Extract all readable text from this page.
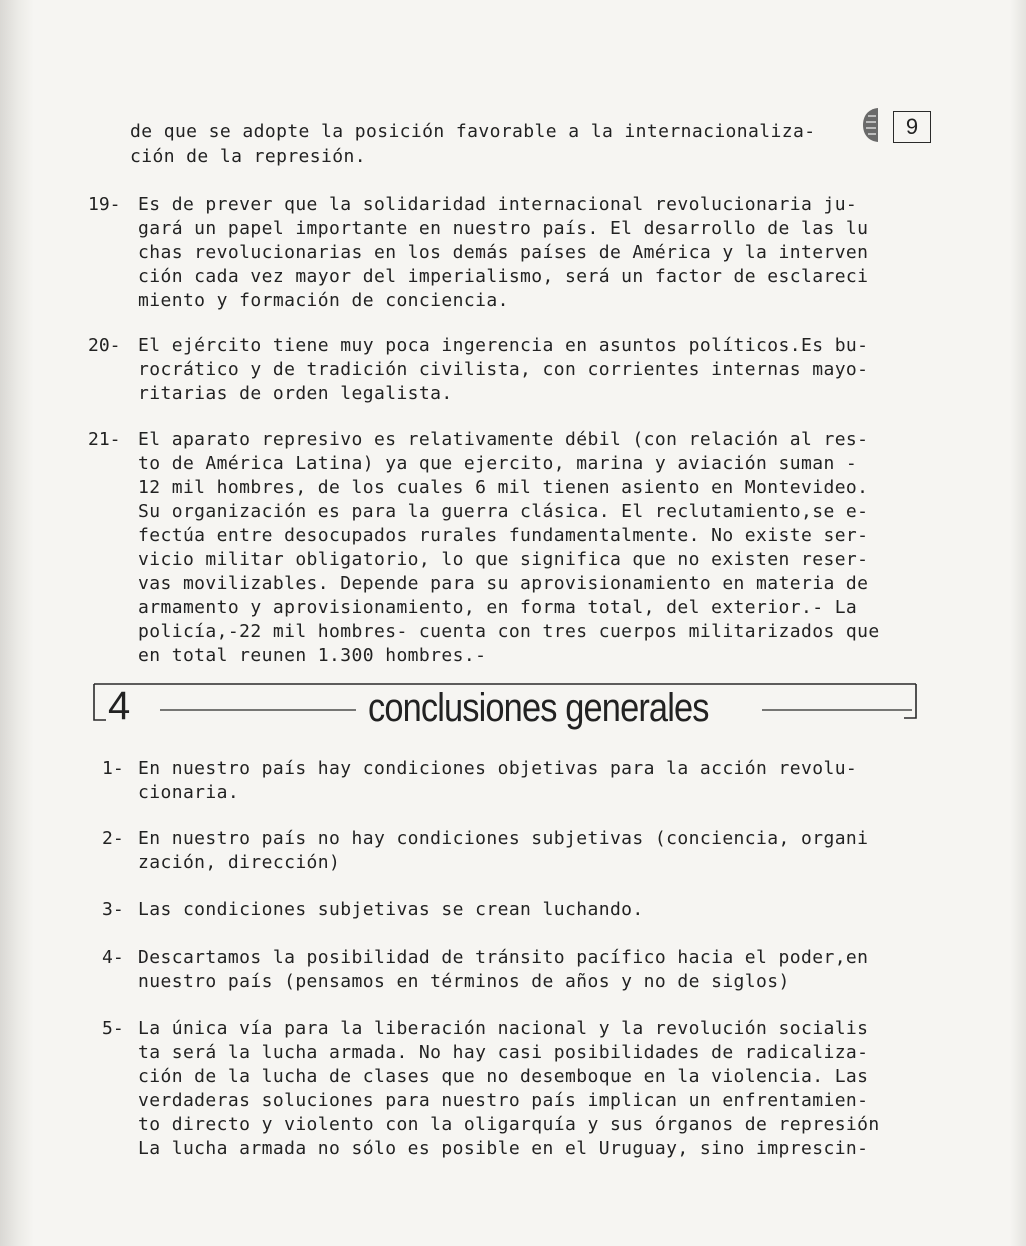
9
de que se adopte la posición favorable a la internacionaliza-
ción de la represión.
19- Es de prever que la solidaridad internacional revolucionaria ju-
gará un papel importante en nuestro país. El desarrollo de las lu
chas revolucionarias en los demás países de América y la interven
ción cada vez mayor del imperialismo, será un factor de esclareci
miento y formación de conciencia.
20- El ejército tiene muy poca ingerencia en asuntos políticos.Es bu-
rocrático y de tradición civilista, con corrientes internas mayo-
ritarias de orden legalista.
21- El aparato represivo es relativamente débil (con relación al res-
to de América Latina) ya que ejercito, marina y aviación suman -
12 mil hombres, de los cuales 6 mil tienen asiento en Montevideo.
Su organización es para la guerra clásica. El reclutamiento,se e-
fectúa entre desocupados rurales fundamentalmente. No existe ser-
vicio militar obligatorio, lo que significa que no existen reser-
vas movilizables. Depende para su aprovisionamiento en materia de
armamento y aprovisionamiento, en forma total, del exterior.- La
policía,-22 mil hombres- cuenta con tres cuerpos militarizados que
en total reunen 1.300 hombres.-
1- En nuestro país hay condiciones objetivas para la acción revolu-
cionaria.
2- En nuestro país no hay condiciones subjetivas (conciencia, organi
zación, dirección)
3- Las condiciones subjetivas se crean luchando.
4- Descartamos la posibilidad de tránsito pacífico hacia el poder,en
nuestro país (pensamos en términos de años y no de siglos)
5- La única vía para la liberación nacional y la revolución socialis
ta será la lucha armada. No hay casi posibilidades de radicaliza-
ción de la lucha de clases que no desemboque en la violencia. Las
verdaderas soluciones para nuestro país implican un enfrentamien-
to directo y violento con la oligarquía y sus órganos de represión
La lucha armada no sólo es posible en el Uruguay, sino imprescin-
4	conclusiones generales
